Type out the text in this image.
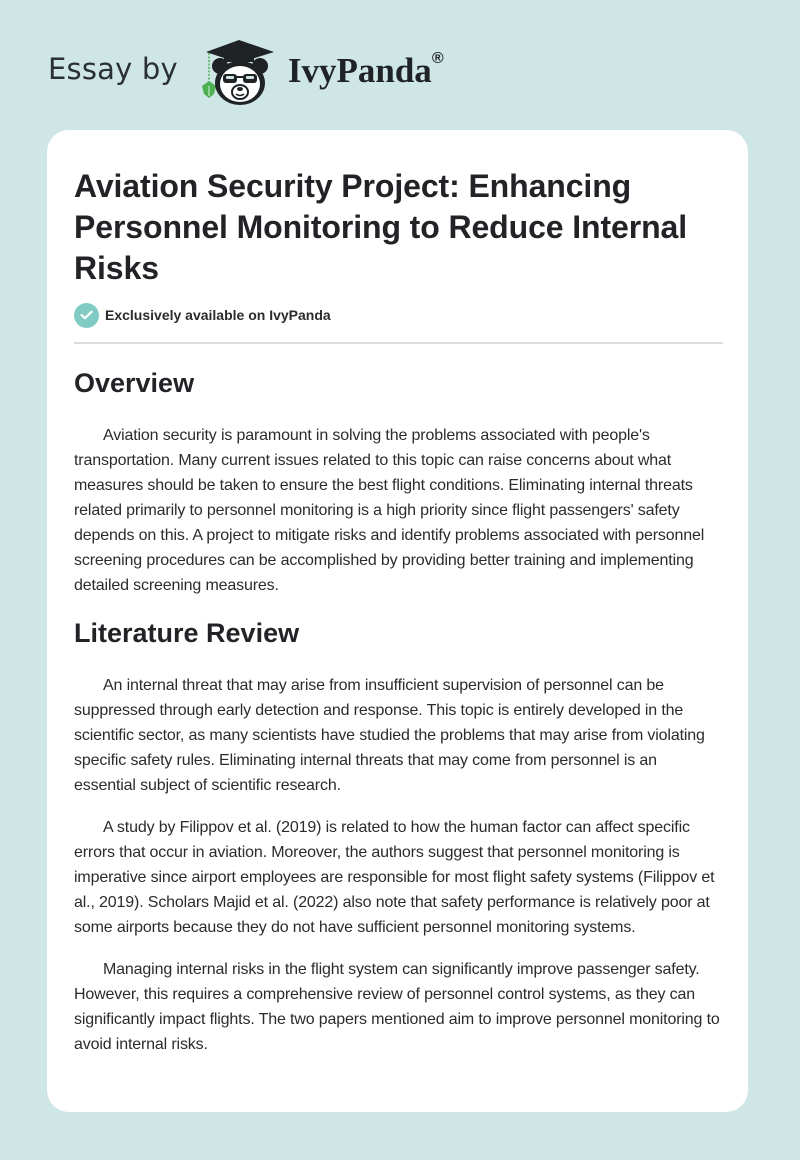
Essay by	IvyPanda®
Aviation Security Project: Enhancing Personnel Monitoring to Reduce Internal Risks
Exclusively available on IvyPanda
Overview

Aviation security is paramount in solving the problems associated with people's transportation. Many current issues related to this topic can raise concerns about what measures should be taken to ensure the best flight conditions. Eliminating internal threats related primarily to personnel monitoring is a high priority since flight passengers' safety depends on this. A project to mitigate risks and identify problems associated with personnel screening procedures can be accomplished by providing better training and implementing detailed screening measures.

Literature Review

An internal threat that may arise from insufficient supervision of personnel can be suppressed through early detection and response. This topic is entirely developed in the scientific sector, as many scientists have studied the problems that may arise from violating specific safety rules. Eliminating internal threats that may come from personnel is an essential subject of scientific research.

A study by Filippov et al. (2019) is related to how the human factor can affect specific errors that occur in aviation. Moreover, the authors suggest that personnel monitoring is imperative since airport employees are responsible for most flight safety systems (Filippov et al., 2019). Scholars Majid et al. (2022) also note that safety performance is relatively poor at some airports because they do not have sufficient personnel monitoring systems.

Managing internal risks in the flight system can significantly improve passenger safety. However, this requires a comprehensive review of personnel control systems, as they can significantly impact flights. The two papers mentioned aim to improve personnel monitoring to avoid internal risks.
